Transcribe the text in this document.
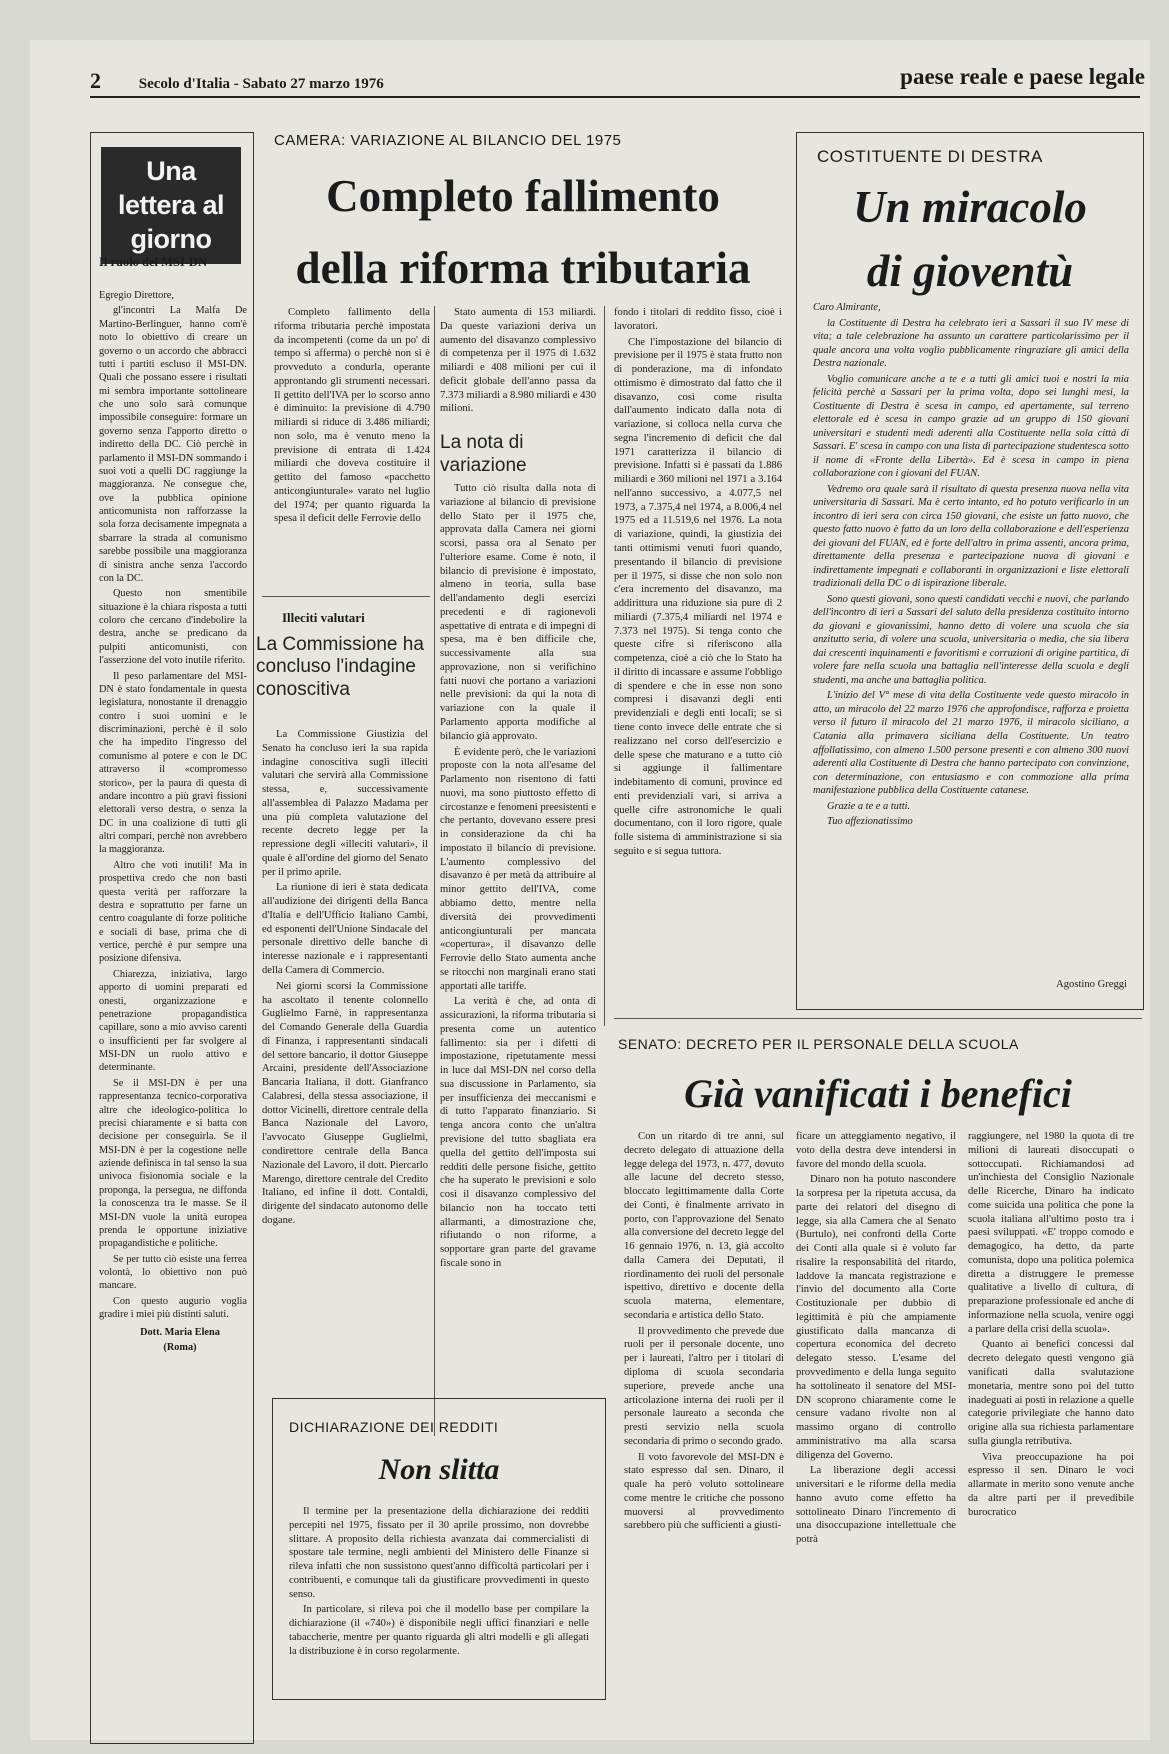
2	Secolo d'Italia - Sabato 27 marzo 1976	paese reale e paese legale
Una lettera al giorno
Il ruolo del MSI-DN

Egregio Direttore,

gl'incontri La Malfa De Martino-Berlinguer, hanno com'è noto lo obiettivo di creare un governo o un accordo che abbracci tutti i partiti escluso il MSI-DN. Quali che possano essere i risultati mi sembra importante sottolineare che uno solo sarà comunque impossibile conseguire: formare un governo senza l'apporto diretto o indiretto della DC. Ciò perchè in parlamento il MSI-DN sommando i suoi voti a quelli DC raggiunge la maggioranza. Ne consegue che, ove la pubblica opinione anticomunista non rafforzasse la sola forza decisamente impegnata a sbarrare la strada al comunismo sarebbe possibile una maggioranza di sinistra anche senza l'accordo con la DC.

Questo non smentibile situazione è la chiara risposta a tutti coloro che cercano d'indebolire la destra, anche se predicano da pulpiti anticomunisti, con l'asserzione del voto inutile riferito.

Il peso parlamentare del MSI-DN è stato fondamentale in questa legislatura, nonostante il drenaggio contro i suoi uomini e le discriminazioni, perchè è il solo che ha impedito l'ingresso del comunismo al potere e con le DC attraverso il «compromesso storico», per la paura di questa di andare incontro a più gravi fissioni elettorali verso destra, o senza la DC in una coalizione di tutti gli altri compari, perchè non avrebbero la maggioranza.

Altro che voti inutili! Ma in prospettiva credo che non basti questa verità per rafforzare la destra e soprattutto per farne un centro coagulante di forze politiche e sociali di base, prima che di vertice, perchè è pur sempre una posizione difensiva.

Chiarezza, iniziativa, largo apporto di uomini preparati ed onesti, organizzazione e penetrazione propagandistica capillare, sono a mio avviso carenti o insufficienti per far svolgere al MSI-DN un ruolo attivo e determinante.

Se il MSI-DN è per una rappresentanza tecnico-corporativa altre che ideologico-politica lo precisi chiaramente e si batta con decisione per conseguirla. Se il MSI-DN è per la cogestione nelle aziende definisca in tal senso la sua univoca fisionomia sociale e la proponga, la persegua, ne diffonda la conoscenza tra le masse. Se il MSI-DN vuole la unità europea prenda le opportune iniziative propagandistiche e politiche.

Se per tutto ciò esiste una ferrea volontà, lo obiettivo non può mancare.

Con questo augurio voglia gradire i miei più distinti saluti.

Dott. Maria Elena

(Roma)

CAMERA: VARIAZIONE AL BILANCIO DEL 1975
Completo fallimento
della riforma tributaria

Completo fallimento della riforma tributaria perchè impostata da incompetenti (come da un po' di tempo si afferma) o perchè non si è provveduto a condurla, operante approntando gli strumenti necessari. Il gettito dell'IVA per lo scorso anno è diminuito: la previsione di 4.790 miliardi si riduce di 3.486 miliardi; non solo, ma è venuto meno la previsione di entrata di 1.424 miliardi che doveva costituire il gettito del famoso «pacchetto anticongiunturale» varato nel luglio del 1974; per quanto riguarda la spesa il deficit delle Ferrovie dello

Stato aumenta di 153 miliardi. Da queste variazioni deriva un aumento del disavanzo complessivo di competenza per il 1975 di 1.632 miliardi e 408 milioni per cui il deficit globale dell'anno passa da 7.373 miliardi a 8.980 miliardi e 430 milioni.

La nota di variazione

Tutto ciò risulta dalla nota di variazione al bilancio di previsione dello Stato per il 1975 che, approvata dalla Camera nei giorni scorsi, passa ora al Senato per l'ulteriore esame. Come è noto, il bilancio di previsione è impostato, almeno in teoria, sulla base dell'andamento degli esercizi precedenti e di ragionevoli aspettative di entrata e di impegni di spesa, ma è ben difficile che, successivamente alla sua approvazione, non si verifichino fatti nuovi che portano a variazioni nelle previsioni: da qui la nota di variazione con la quale il Parlamento apporta modifiche al bilancio già approvato.

È evidente però, che le variazioni proposte con la nota all'esame del Parlamento non risentono di fatti nuovi, ma sono piuttosto effetto di circostanze e fenomeni preesistenti e che pertanto, dovevano essere presi in considerazione da chi ha impostato il bilancio di previsione. L'aumento complessivo del disavanzo è per metà da attribuire al minor gettito dell'IVA, come abbiamo detto, mentre nella diversità dei provvedimenti anticongiunturali per mancata «copertura», il disavanzo delle Ferrovie dello Stato aumenta anche se ritocchi non marginali erano stati apportati alle tariffe.

La verità è che, ad onta di assicurazioni, la riforma tributaria si presenta come un autentico fallimento: sia per i difetti di impostazione, ripetutamente messi in luce dal MSI-DN nel corso della sua discussione in Parlamento, sia per insufficienza dei meccanismi e di tutto l'apparato finanziario. Si tenga ancora conto che un'altra previsione del tutto sbagliata era quella del gettito dell'imposta sui redditi delle persone fisiche, gettito che ha superato le previsioni e solo così il disavanzo complessivo del bilancio non ha toccato tetti allarmanti, a dimostrazione che, rifiutando o non riforme, a sopportare gran parte del gravame fiscale sono in

fondo i titolari di reddito fisso, cioè i lavoratori.

Che l'impostazione del bilancio di previsione per il 1975 è stata frutto non di ponderazione, ma di infondato ottimismo è dimostrato dal fatto che il disavanzo, così come risulta dall'aumento indicato dalla nota di variazione, si colloca nella curva che segna l'incremento di deficit che dal 1971 caratterizza il bilancio di previsione. Infatti si è passati da 1.886 miliardi e 360 milioni nel 1971 a 3.164 nell'anno successivo, a 4.077,5 nel 1973, a 7.375,4 nel 1974, a 8.006,4 nel 1975 ed a 11.519,6 nel 1976. La nota di variazione, quindi, la giustizia dei tanti ottimismi venuti fuori quando, presentando il bilancio di previsione per il 1975, si disse che non solo non c'era incremento del disavanzo, ma addirittura una riduzione sia pure di 2 miliardi (7.375,4 miliardi nel 1974 e 7.373 nel 1975). Si tenga conto che queste cifre si riferiscono alla competenza, cioè a ciò che lo Stato ha il diritto di incassare e assume l'obbligo di spendere e che in esse non sono compresi i disavanzi degli enti previdenziali e degli enti locali; se si tiene conto invece delle entrate che si realizzano nel corso dell'esercizio e delle spese che maturano e a tutto ciò si aggiunge il fallimentare indebitamento di comuni, province ed enti previdenziali vari, si arriva a quelle cifre astronomiche le quali documentano, con il loro rigore, quale folle sistema di amministrazione si sia seguito e si segua tuttora.

Illeciti valutari
La Commissione ha concluso l'indagine conoscitiva

La Commissione Giustizia del Senato ha concluso ieri la sua rapida indagine conoscitiva sugli illeciti valutari che servirà alla Commissione stessa, e, successivamente all'assemblea di Palazzo Madama per una più completa valutazione del recente decreto legge per la repressione degli «illeciti valutari», il quale è all'ordine del giorno del Senato per il primo aprile.

La riunione di ieri è stata dedicata all'audizione dei dirigenti della Banca d'Italia e dell'Ufficio Italiano Cambi, ed esponenti dell'Unione Sindacale del personale direttivo delle banche di interesse nazionale e i rappresentanti della Camera di Commercio.

Nei giorni scorsi la Commissione ha ascoltato il tenente colonnello Guglielmo Farnè, in rappresentanza del Comando Generale della Guardia di Finanza, i rappresentanti sindacali del settore bancario, il dottor Giuseppe Arcaini, presidente dell'Associazione Bancaria Italiana, il dott. Gianfranco Calabresi, della stessa associazione, il dottor Vicinelli, direttore centrale della Banca Nazionale del Lavoro, l'avvocato Giuseppe Guglielmi, condirettore centrale della Banca Nazionale del Lavoro, il dott. Piercarlo Marengo, direttore centrale del Credito Italiano, ed infine il dott. Contaldi, dirigente del sindacato autonomo delle dogane.

DICHIARAZIONE DEI REDDITI
Non slitta

Il termine per la presentazione della dichiarazione dei redditi percepiti nel 1975, fissato per il 30 aprile prossimo, non dovrebbe slittare. A proposito della richiesta avanzata dai commercialisti di spostare tale termine, negli ambienti del Ministero delle Finanze si rileva infatti che non sussistono quest'anno difficoltà particolari per i contribuenti, e comunque tali da giustificare provvedimenti in questo senso.

In particolare, si rileva poi che il modello base per compilare la dichiarazione (il «740») è disponibile negli uffici finanziari e nelle tabaccherie, mentre per quanto riguarda gli altri modelli e gli allegati la distribuzione è in corso regolarmente.

COSTITUENTE DI DESTRA
Un miracolo
di gioventù

Caro Almirante,

la Costituente di Destra ha celebrato ieri a Sassari il suo IV mese di vita; a tale celebrazione ha assunto un carattere particolarissimo per il quale ancora una volta voglio pubblicamente ringraziare gli amici della Destra nazionale.

Voglio comunicare anche a te e a tutti gli amici tuoi e nostri la mia felicità perchè a Sassari per la prima volta, dopo sei lunghi mesi, la Costituente di Destra è scesa in campo, ed apertamente, sul terreno elettorale ed è scesa in campo grazie ad un gruppo di 150 giovani universitari e studenti medi aderenti alla Costituente nella sola città di Sassari. E' scesa in campo con una lista di partecipazione studentesca sotto il nome di «Fronte della Libertà». Ed è scesa in campo in piena collaborazione con i giovani del FUAN.

Vedremo ora quale sarà il risultato di questa presenza nuova nella vita universitaria di Sassari. Ma è certo intanto, ed ho potuto verificarlo in un incontro di ieri sera con circa 150 giovani, che esiste un fatto nuovo, che questo fatto nuovo è fatto da un loro della collaborazione e dell'esperienza dei giovani del FUAN, ed è forte dell'altro in prima assenti, ancora prima, direttamente della presenza e partecipazione nuova di giovani e indirettamente impegnati e collaboranti in organizzazioni e liste elettorali tradizionali della DC o di ispirazione liberale.

Sono questi giovani, sono questi candidati vecchi e nuovi, che parlando dell'incontro di ieri a Sassari del saluto della presidenza costituito intorno da giovani e giovanissimi, hanno detto di volere una scuola che sia anzitutto seria, di volere una scuola, universitaria o media, che sia libera dai crescenti inquinamenti e favoritismi e corruzioni di origine partitica, di volere fare nella scuola una battaglia nell'interesse della scuola e degli studenti, ma anche una battaglia politica.

L'inizio del V° mese di vita della Costituente vede questo miracolo in atto, un miracolo del 22 marzo 1976 che approfondisce, rafforza e proietta verso il futuro il miracolo del 21 marzo 1976, il miracolo siciliano, a Catania alla primavera siciliana della Costituente. Un teatro affollatissimo, con almeno 1.500 persone presenti e con almeno 300 nuovi aderenti alla Costituente di Destra che hanno partecipato con convinzione, con determinazione, con entusiasmo e con commozione alla prima manifestazione pubblica della Costituente catanese.

Grazie a te e a tutti.

Tuo affezionatissimo

Agostino Greggi
SENATO: DECRETO PER IL PERSONALE DELLA SCUOLA
Già vanificati i benefici

Con un ritardo di tre anni, sul decreto delegato di attuazione della legge delega del 1973, n. 477, dovuto alle lacune del decreto stesso, bloccato legittimamente dalla Corte dei Conti, è finalmente arrivato in porto, con l'approvazione del Senato alla conversione del decreto legge del 16 gennaio 1976, n. 13, già accolto dalla Camera dei Deputati, il riordinamento dei ruoli del personale ispettivo, direttivo e docente della scuola materna, elementare, secondaria e artistica dello Stato.

Il provvedimento che prevede due ruoli per il personale docente, uno per i laureati, l'altro per i titolari di diploma di scuola secondaria superiore, prevede anche una articolazione interna dei ruoli per il personale laureato a seconda che presti servizio nella scuola secondaria di primo o secondo grado.

Il voto favorevole del MSI-DN è stato espresso dal sen. Dinaro, il quale ha però voluto sottolineare come mentre le critiche che possono muoversi al provvedimento sarebbero più che sufficienti a giusti-

ficare un atteggiamento negativo, il voto della destra deve intendersi in favore del mondo della scuola.

Dinaro non ha potuto nascondere la sorpresa per la ripetuta accusa, da parte dei relatori del disegno di legge, sia alla Camera che al Senato (Burtulo), nei confronti della Corte dei Conti alla quale si è voluto far risalire la responsabilità del ritardo, laddove la mancata registrazione e l'invio del documento alla Corte Costituzionale per dubbio di legittimità è più che ampiamente giustificato dalla mancanza di copertura economica del decreto delegato stesso. L'esame del provvedimento e della lunga seguito ha sottolineato il senatore del MSI-DN scoprono chiaramente come le censure vadano rivolte non al massimo organo di controllo amministrativo ma alla scarsa diligenza del Governo.

La liberazione degli accessi universitari e le riforme della media hanno avuto come effetto ha sottolineato Dinaro l'incremento di una disoccupazione intellettuale che potrà

raggiungere, nel 1980 la quota di tre milioni di laureati disoccupati o sottoccupati. Richiamandosi ad un'inchiesta del Consiglio Nazionale delle Ricerche, Dinaro ha indicato come suicida una politica che pone la scuola italiana all'ultimo posto tra i paesi sviluppati. «E' troppo comodo e demagogico, ha detto, da parte comunista, dopo una politica polemica diretta a distruggere le premesse qualitative a livello di cultura, di preparazione professionale ed anche di informazione nella scuola, venire oggi a parlare della crisi della scuola».

Quanto ai benefici concessi dal decreto delegato questi vengono già vanificati dalla svalutazione monetaria, mentre sono poi del tutto inadeguati ai posti in relazione a quelle categorie privilegiate che hanno dato origine alla sua richiesta parlamentare sulla giungla retributiva.

Viva preoccupazione ha poi espresso il sen. Dinaro le voci allarmate in merito sono venute anche da altre parti per il prevedibile burocratico
